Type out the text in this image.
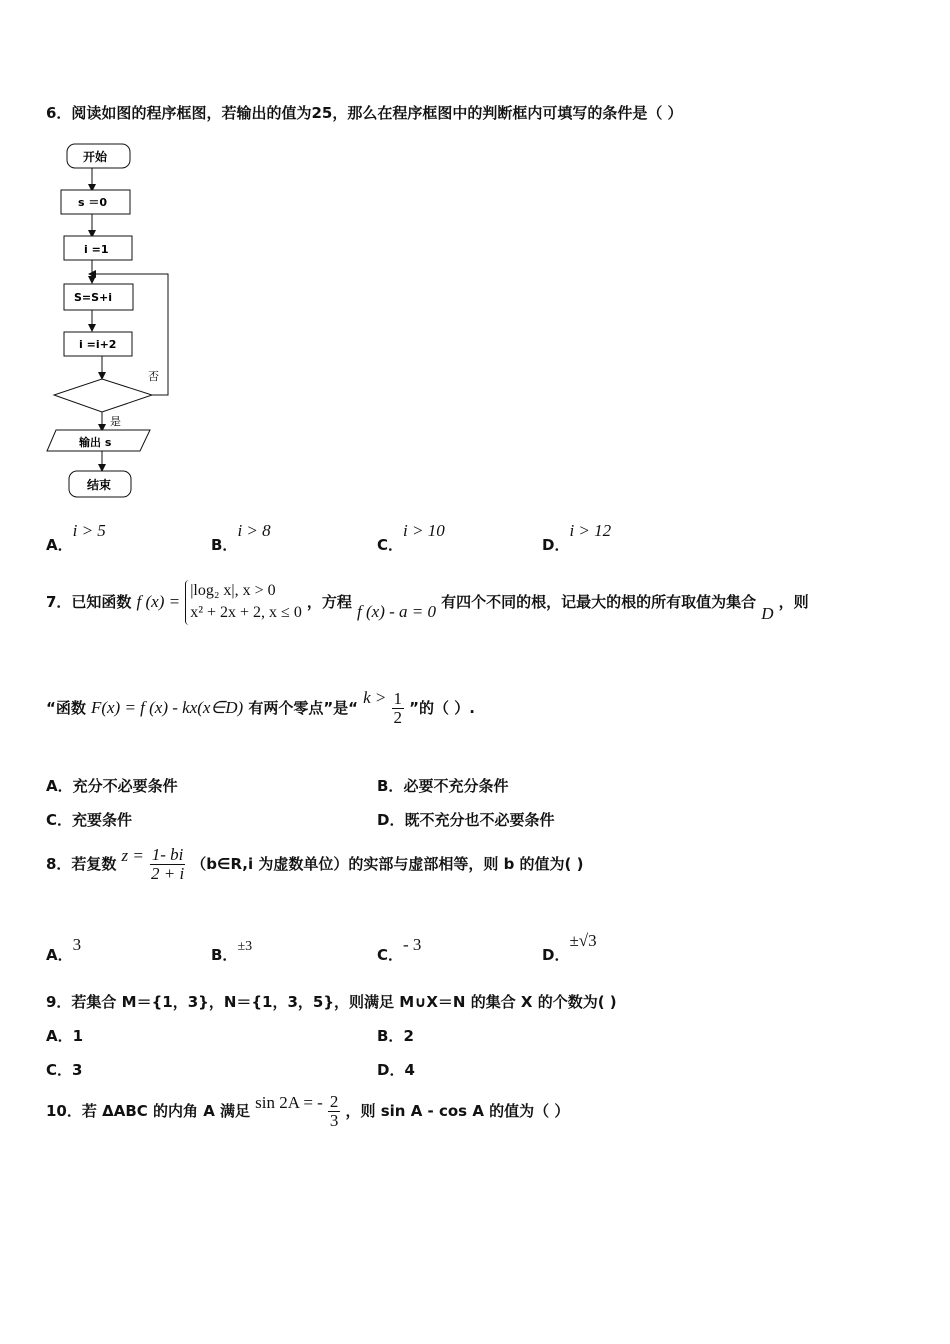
6．阅读如图的程序框图，若输出的值为25，那么在程序框图中的判断框内可填写的条件是（ ）
开始
s ＝0
i =1
S=S+i
i =i+2
否
是
输出 s
结束
A．i > 5
B．i > 8
C．i > 10
D．i > 12
7．已知函数 f (x) =
|log₂ x|, x > 0
x² + 2x + 2, x ≤ 0
，方程 f (x) - a = 0 有四个不同的根，记最大的根的所有取值为集合 D ，则
“函数 F(x) = f (x) - kx(x∈D) 有两个零点”是“ $k > \frac{1}{2}$ ”的（ ）.
A．充分不必要条件	B．必要不充分条件
C．充要条件	D．既不充分也不必要条件
8．若复数 $z = \frac{1- bi}{2 + i}$ （b∈R,i 为虚数单位）的实部与虚部相等，则 b 的值为( )
A．3
B．±3	C．- 3
D．±√3
9．若集合 M＝{1，3}，N＝{1，3，5}，则满足 M∪X＝N 的集合 X 的个数为( )
A．1	B．2
C．3	D．4
10．若 ΔABC 的内角 A 满足 sin 2A = - $\frac{2}{3}$ ，则 sin A - cos A 的值为（ ）
